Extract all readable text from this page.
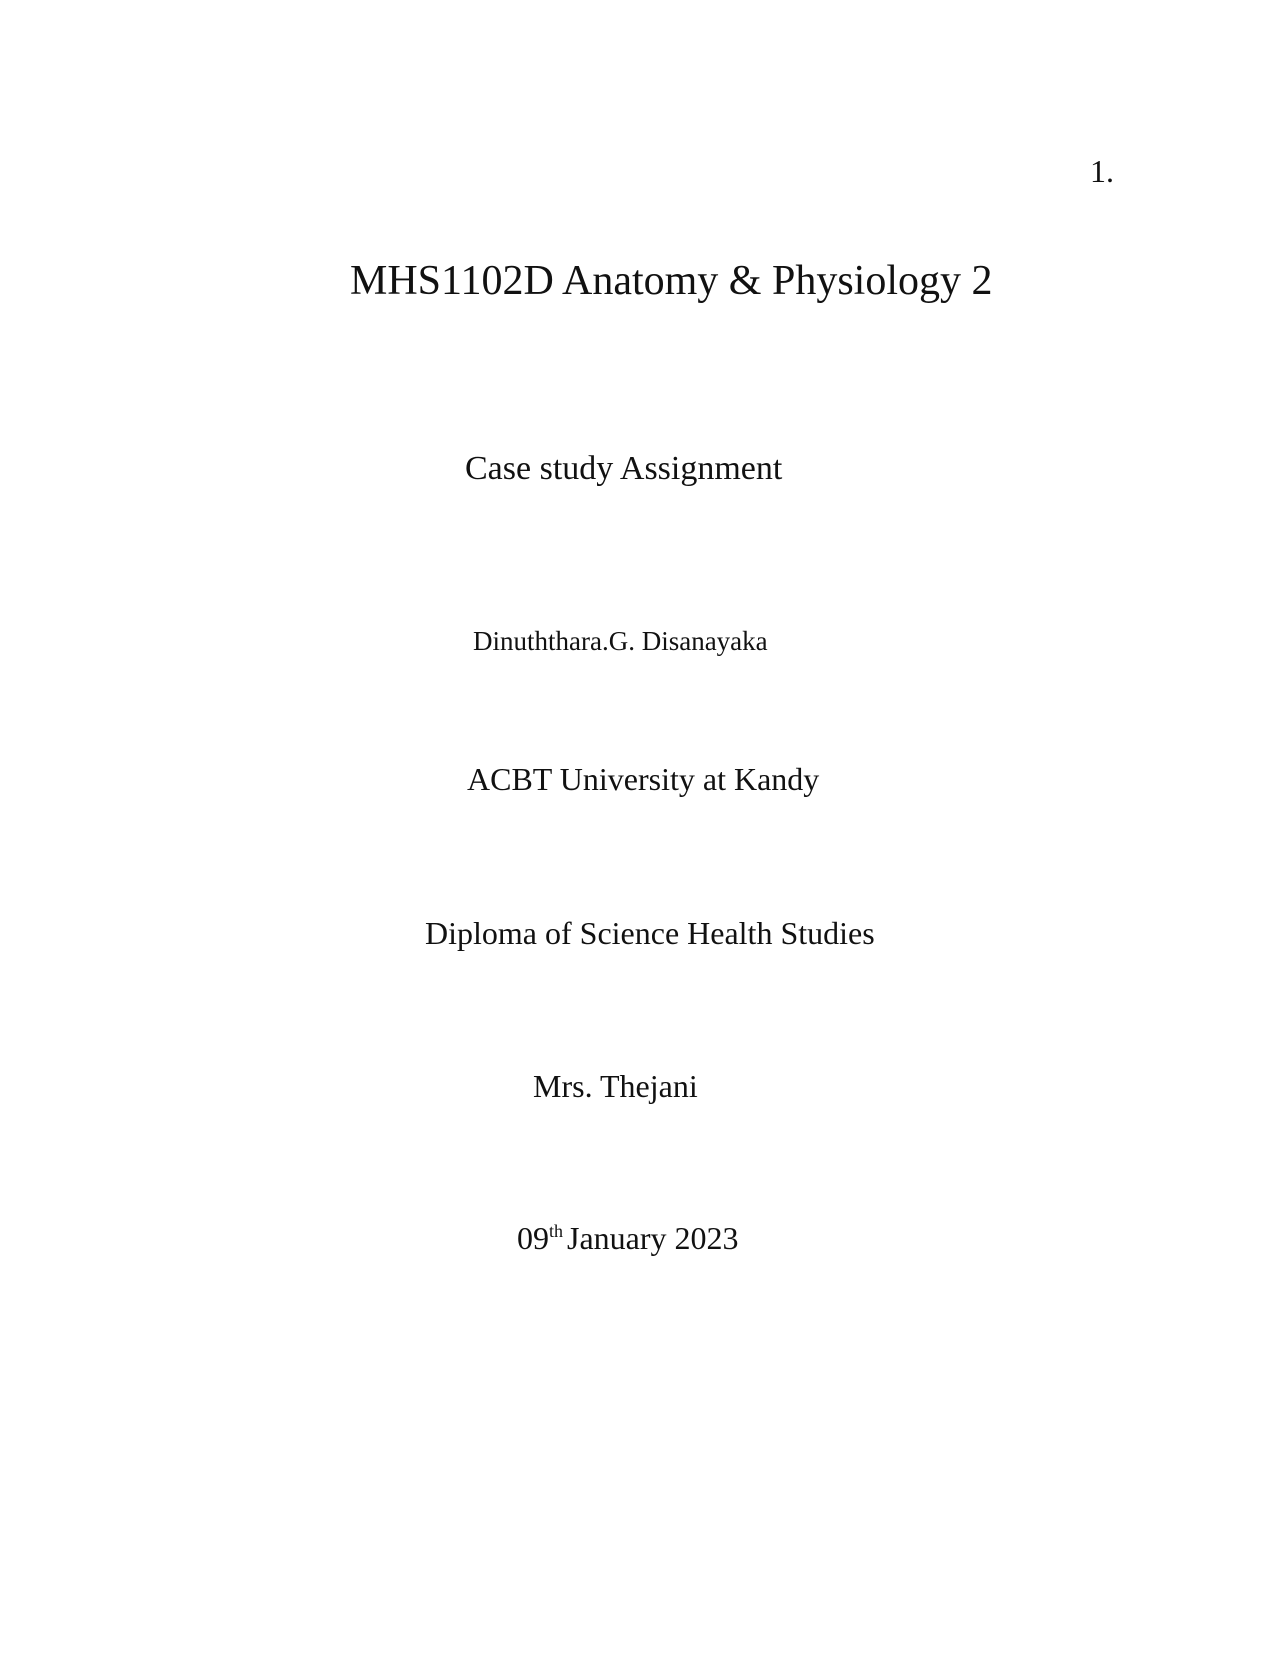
1.
MHS1102D Anatomy & Physiology 2
Case study Assignment
Dinuththara.G. Disanayaka
ACBT University at Kandy
Diploma of Science Health Studies
Mrs. Thejani
09th January 2023
